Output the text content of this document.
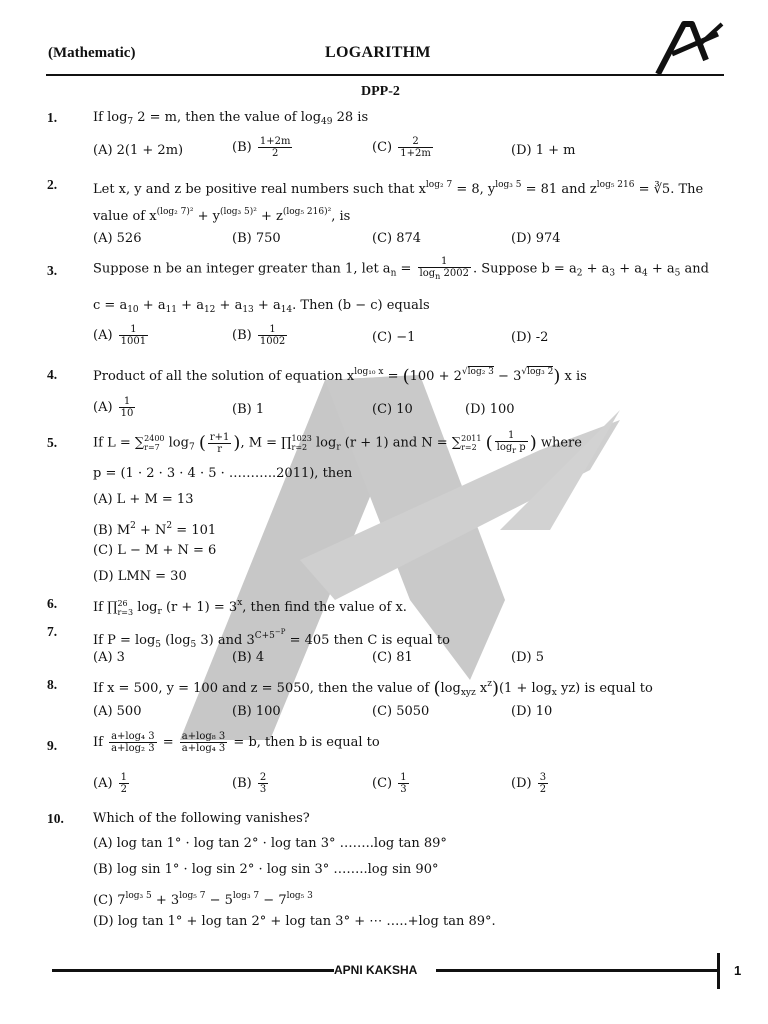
(Mathematic)	LOGARITHM
DPP-2
1.	If $\log_7 2 = m$, then the value of $\log_{49} 28$ is
(A) 2(1 + 2m)	$(B) \frac{1+2m}{2}$	$(C) \frac{2}{1+2m}$	(D) 1 + m
2.	Let x, y and z be positive real numbers such that $x^{log_2 7} = 8$, $y^{log_3 5} = 81$ and $z^{log_5 216}$ = ∛5. The
value of $x^{(log_2 7)^2} + y^{(log_3 5)^2} + z^{(log_5 216)^2}$, is
(A) 526	(B) 750	(C) 874	(D) 974
3.	Suppose n be an integer greater than 1, let $a_n = \frac{1}{\log_n 2002}$ . Suppose $b = a_2 + a_3 + a_4 + a_5$ and
$c = a_{10} + a_{11} + a_{12} + a_{13} + a_{14}$. Then (b − c) equals
$(A) \frac{1}{1001}$	$(B) \frac{1}{1002}$	(C) −1	(D) -2
4.	Product of all the solution of equation $x^{log_{10} x} = (100 + 2^{√log_2 3} - 3^{√log_3 2})$ x is
$(A) \frac{1}{10}$	(B) 1	(C) 10	(D) 100
5.	If L = ∑2400
r=7 $\log_7$ ( $\frac{r+1}{r}$ ), M = ∏1023
r=2 $\log_r (r + 1)$ and N = ∑2011
r=2 ( $\frac{1}{\log_r p}$ ) where
p = (1 · 2 · 3 · 4 · 5 · ………..2011), then
(A) L + M = 13
(B) $M^2 + N^2 = 101$
(C) L − M + N = 6
(D) LMN = 30
6.	If ∏26
r=3 $\log_r (r + 1) = 3^x$, then find the value of x.
7.
If $P = \log_5 (\log_5$ 3) and $3^{C+5^{-P}} = 405$ then C is equal to
(A) 3	(B) 4	(C) 81	(D) 5
8.	If x = 500, y = 100 and z = 5050, then the value of ($\log_{xyz}$ $x^z)(1 + \log_x yz)$ is equal to
(A) 500	(B) 100	(C) 5050	(D) 10
9.	If $\frac{\text{a+log₄ 3}}{\text{a+log₂ 3}} = \frac{\text{a+log₈ 3}}{\text{a+log₄ 3}} = b$, then b is equal to
$(A) \frac{1}{2}$	$(B) \frac{2}{3}$	$(C) \frac{1}{3}$	$(D) \frac{3}{2}$
10. Which of the following vanishes?
(A) log tan 1° · log tan 2° · log tan 3° ……..log tan 89°
(B) log sin 1° · log sin 2° · log sin 3° ……..log sin 90°
(C) $7^{log_3 5} + 3^{log_5 7} - 5^{log_3 7} - 7^{log_5 3}$
(D) log tan 1° + log tan 2° + log tan 3° + ⋯ …..+log tan 89°.
APNI KAKSHA	1
